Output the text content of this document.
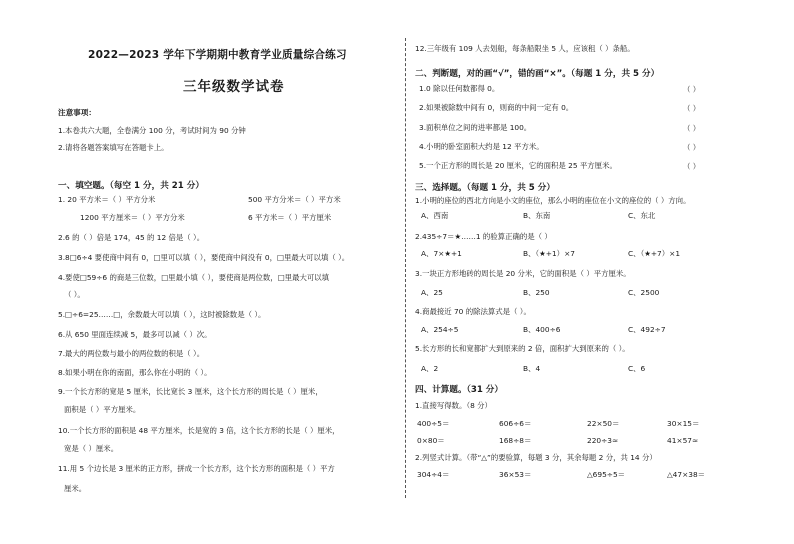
2022—2023 学年下学期期中教育学业质量综合练习
三年级数学试卷
注意事项：
1.本卷共六大题，全卷满分 100 分，考试时间为 90 分钟
2.请将各题答案填写在答题卡上。
一、填空题。（每空 1 分，共 21 分）
1. 20 平方米＝（ ）平方分米	500 平方分米＝（ ）平方米
1200 平方厘米＝（ ）平方分米	6 平方米＝（ ）平方厘米
2.6 的（ ）倍是 174，45 的 12 倍是（ ）。
3.8□6÷4 要使商中间有 0，□里可以填（ ），要使商中间没有 0，□里最大可以填（ ）。
4.要使□59÷6 的商是三位数，□里最小填（ ），要使商是两位数，□里最大可以填
（ ）。
5.□÷6=25……□，余数最大可以填（ ），这时被除数是（ ）。
6.从 650 里面连续减 5，最多可以减（ ）次。
7.最大的两位数与最小的两位数的积是（ ）。
8.如果小明在你的南面，那么你在小明的（ ）。
9.一个长方形的宽是 5 厘米，长比宽长 3 厘米，这个长方形的周长是（ ）厘米，
面积是（ ）平方厘米。
10.一个长方形的面积是 48 平方厘米，长是宽的 3 倍，这个长方形的长是（ ）厘米，
宽是（ ）厘米。
11.用 5 个边长是 3 厘米的正方形，拼成一个长方形，这个长方形的面积是（ ）平方
厘米。
12.三年级有 109 人去划船，每条船限坐 5 人，应该租（ ）条船。
二、判断题，对的画“√”，错的画“×”。（每题 1 分，共 5 分）
1.0 除以任何数都得 0。	（ ）
2.如果被除数中间有 0，则商的中间一定有 0。	（ ）
3.面积单位之间的进率都是 100。	（ ）
4.小明的卧室面积大约是 12 平方米。	（ ）
5.一个正方形的周长是 20 厘米，它的面积是 25 平方厘米。	（ ）
三、选择题。（每题 1 分，共 5 分）
1.小明的座位的西北方向是小文的座位，那么小明的座位在小文的座位的（ ）方向。
A、西南	B、东南	C、东北
2.435÷7＝★……1 的验算正确的是（ ）
A、7×★+1	B、（★+1）×7	C、（★+7）×1
3.一块正方形地砖的周长是 20 分米，它的面积是（ ）平方厘米。
A、25	B、250	C、2500
4.商最接近 70 的除法算式是（ ）。
A、254÷5	B、400÷6	C、492÷7
5.长方形的长和宽都扩大到原来的 2 倍，面积扩大到原来的（ ）。
A、2	B、4	C、6
四、计算题。（31 分）
1.直接写得数。（8 分）
400÷5＝	606÷6＝	22×50＝	30×15＝
0×80＝	168÷8＝	220÷3≈	41×57≈
2.列竖式计算。（带“△”的要验算，每题 3 分，其余每题 2 分，共 14 分）
304÷4＝	36×53＝	△695÷5＝	△47×38＝
